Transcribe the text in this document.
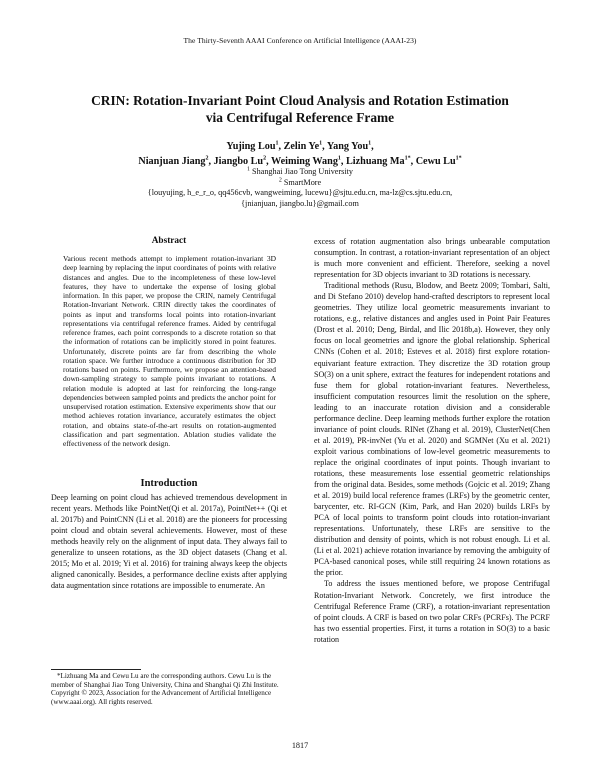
The Thirty-Seventh AAAI Conference on Artificial Intelligence (AAAI-23)
CRIN: Rotation-Invariant Point Cloud Analysis and Rotation Estimation
via Centrifugal Reference Frame
Yujing Lou$^1$, Zelin Ye$^1$, Yang You$^1$,
Nianjuan Jiang$^2$, Jiangbo Lu$^2$, Weiming Wang$^1$, Lizhuang $Ma^{1*}$, Cewu $Lu^{1*}$
$^1$ Shanghai Jiao Tong University
$^2$ SmartMore
{louyujing, h_e_r_o, qq456cvb, wangweiming, lucewu}@sjtu.edu.cn, ma-lz@cs.sjtu.edu.cn,
{jnianjuan, jiangbo.lu}@gmail.com
Abstract

Various recent methods attempt to implement rotation-invariant 3D deep learning by replacing the input coordinates of points with relative distances and angles. Due to the incompleteness of these low-level features, they have to undertake the expense of losing global information. In this paper, we propose the CRIN, namely Centrifugal Rotation-Invariant Network. CRIN directly takes the coordinates of points as input and transforms local points into rotation-invariant representations via centrifugal reference frames. Aided by centrifugal reference frames, each point corresponds to a discrete rotation so that the information of rotations can be implicitly stored in point features. Unfortunately, discrete points are far from describing the whole rotation space. We further introduce a continuous distribution for 3D rotations based on points. Furthermore, we propose an attention-based down-sampling strategy to sample points invariant to rotations. A relation module is adopted at last for reinforcing the long-range dependencies between sampled points and predicts the anchor point for unsupervised rotation estimation. Extensive experiments show that our method achieves rotation invariance, accurately estimates the object rotation, and obtains state-of-the-art results on rotation-augmented classification and part segmentation. Ablation studies validate the effectiveness of the network design.

Introduction

Deep learning on point cloud has achieved tremendous development in recent years. Methods like PointNet(Qi et al. 2017a), PointNet++ (Qi et al. 2017b) and PointCNN (Li et al. 2018) are the pioneers for processing point cloud and obtain several achievements. However, most of these methods heavily rely on the alignment of input data. They always fail to generalize to unseen rotations, as the 3D object datasets (Chang et al. 2015; Mo et al. 2019; Yi et al. 2016) for training always keep the objects aligned canonically. Besides, a performance decline exists after applying data augmentation since rotations are impossible to enumerate. An

*Lizhuang Ma and Cewu Lu are the corresponding authors. Cewu Lu is the member of Shanghai Jiao Tong University, China and Shanghai Qi Zhi Institute.

Copyright © 2023, Association for the Advancement of Artificial Intelligence (www.aaai.org). All rights reserved.

excess of rotation augmentation also brings unbearable computation consumption. In contrast, a rotation-invariant representation of an object is much more convenient and efficient. Therefore, seeking a novel representation for 3D objects invariant to 3D rotations is necessary.

Traditional methods (Rusu, Blodow, and Beetz 2009; Tombari, Salti, and Di Stefano 2010) develop hand-crafted descriptors to represent local geometries. They utilize local geometric measurements invariant to rotations, e.g., relative distances and angles used in Point Pair Features (Drost et al. 2010; Deng, Birdal, and Ilic 2018b,a). However, they only focus on local geometries and ignore the global relationship. Spherical CNNs (Cohen et al. 2018; Esteves et al. 2018) first explore rotation-equivariant feature extraction. They discretize the 3D rotation group SO(3) on a unit sphere, extract the features for independent rotations and fuse them for global rotation-invariant features. Nevertheless, insufficient computation resources limit the resolution on the sphere, leading to an inaccurate rotation division and a considerable performance decline. Deep learning methods further explore the rotation invariance of point clouds. RINet (Zhang et al. 2019), ClusterNet(Chen et al. 2019), PR-invNet (Yu et al. 2020) and SGMNet (Xu et al. 2021) exploit various combinations of low-level geometric measurements to replace the original coordinates of input points. Though invariant to rotations, these measurements lose essential geometric relationships from the original data. Besides, some methods (Gojcic et al. 2019; Zhang et al. 2019) build local reference frames (LRFs) by the geometric center, barycenter, etc. RI-GCN (Kim, Park, and Han 2020) builds LRFs by PCA of local points to transform point clouds into rotation-invariant representations. Unfortunately, these LRFs are sensitive to the distribution and density of points, which is not robust enough. Li et al. (Li et al. 2021) achieve rotation invariance by removing the ambiguity of PCA-based canonical poses, while still requiring 24 known rotations as the prior.

To address the issues mentioned before, we propose Centrifugal Rotation-Invariant Network. Concretely, we first introduce the Centrifugal Reference Frame (CRF), a rotation-invariant representation of point clouds. A CRF is based on two polar CRFs (PCRFs). The PCRF has two essential properties. First, it turns a rotation in SO(3) to a basic rotation

1817
